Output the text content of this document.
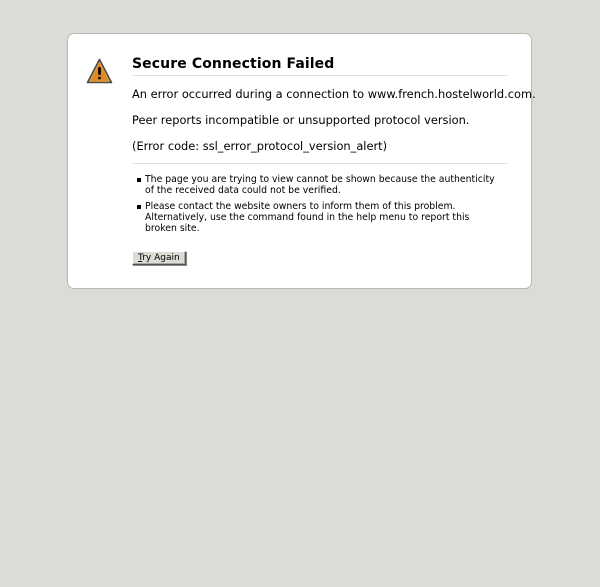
Secure Connection Failed

An error occurred during a connection to www.french.hostelworld.com.

Peer reports incompatible or unsupported protocol version.

(Error code: ssl_error_protocol_version_alert)

The page you are trying to view cannot be shown because the authenticity of the received data could not be verified.
Please contact the website owners to inform them of this problem. Alternatively, use the command found in the help menu to report this broken site.
Try Again
